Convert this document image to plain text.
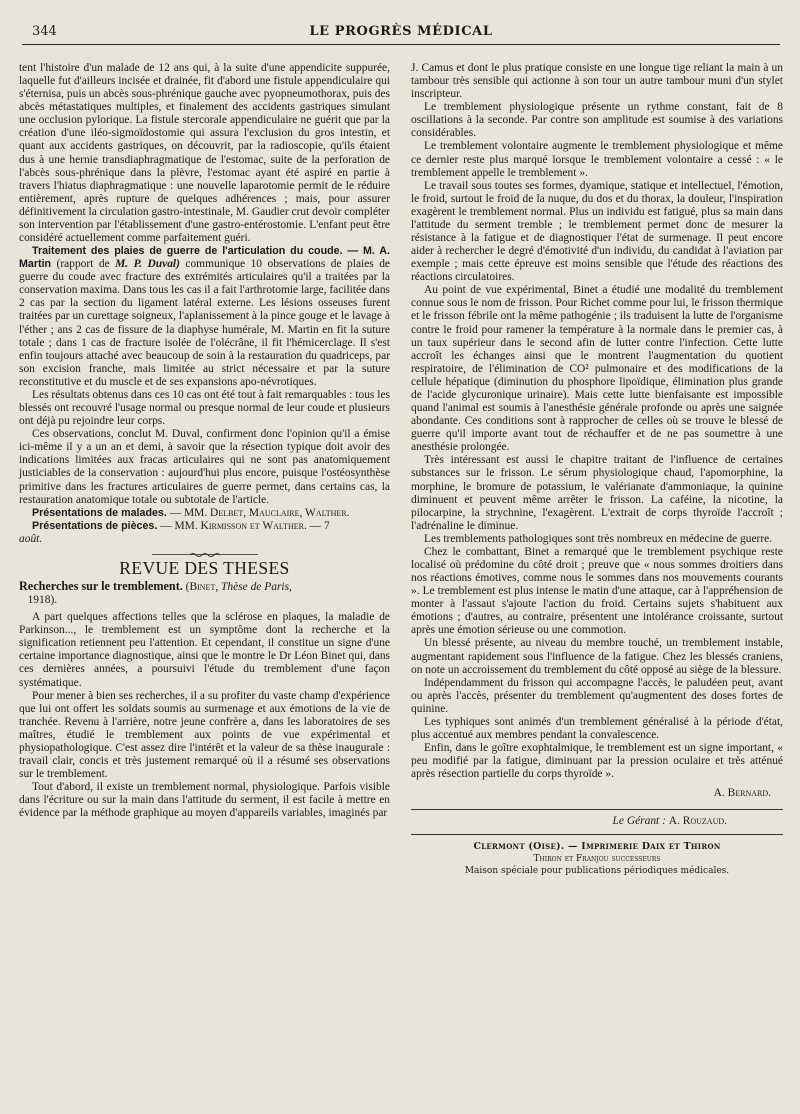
344	LE PROGRÈS MÉDICAL

tent l'histoire d'un malade de 12 ans qui, à la suite d'une appendicite suppurée, laquelle fut d'ailleurs incisée et drainée, fit d'abord une fistule appendiculaire qui s'éternisa, puis un abcès sous-phrénique gauche avec pyopneumothorax, puis des abcès métastatiques multiples, et finalement des accidents gastriques simulant une occlusion pylorique. La fistule stercorale appendiculaire ne guérit que par la création d'une iléo-sigmoïdostomie qui assura l'exclusion du gros intestin, et quant aux accidents gastriques, on découvrit, par la radioscopie, qu'ils étaient dus à une hernie transdiaphragmatique de l'estomac, suite de la perforation de l'abcès sous-phrénique dans la plèvre, l'estomac ayant été aspiré en partie à travers l'hiatus diaphragmatique : une nouvelle laparotomie permit de le réduire entièrement, après rupture de quelques adhérences ; mais, pour assurer définitivement la circulation gastro-intestinale, M. Gaudier crut devoir compléter son intervention par l'établissement d'une gastro-entérostomie. L'enfant peut être considéré actuellement comme parfaitement guéri.

Traitement des plaies de guerre de l'articulation du coude. — M. A. Martin (rapport de M. P. Duval) communique 10 observations de plaies de guerre du coude avec fracture des extrémités articulaires qu'il a traitées par la conservation maxima. Dans tous les cas il a fait l'arthrotomie large, facilitée dans 2 cas par la section du ligament latéral externe. Les lésions osseuses furent traitées par un curettage soigneux, l'aplanissement à la pince gouge et le lavage à l'éther ; ans 2 cas de fissure de la diaphyse humérale, M. Martin en fit la suture totale ; dans 1 cas de fracture isolée de l'olécrâne, il fit l'hémicerclage. Il s'est enfin toujours attaché avec beaucoup de soin à la restauration du quadriceps, par son excision franche, mais limitée au strict nécessaire et par la suture reconstitutive et du muscle et de ses expansions apo-névrotiques.

Les résultats obtenus dans ces 10 cas ont été tout à fait remarquables : tous les blessés ont recouvré l'usage normal ou presque normal de leur coude et plusieurs ont déjà pu rejoindre leur corps.

Ces observations, conclut M. Duval, confirment donc l'opinion qu'il a émise ici-même il y a un an et demi, à savoir que la résection typique doit avoir des indications limitées aux fracas articulaires qui ne sont pas anatomiquement justiciables de la conservation : aujourd'hui plus encore, puisque l'ostéosynthèse primitive dans les fractures articulaires de guerre permet, dans certains cas, la restauration anatomique totale ou subtotale de l'article.

Présentations de malades. — MM. Delbet, Mauclaire, Walther.

Présentations de pièces. — MM. Kirmisson et Walther. — 7
août.

REVUE DES THESES

Recherches sur le tremblement. (Binet, Thèse de Paris,
1918).

A part quelques affections telles que la sclérose en plaques, la maladie de Parkinson..., le tremblement est un symptôme dont la recherche et la signification retiennent peu l'attention. Et cependant, il constitue un signe d'une certaine importance diagnostique, ainsi que le montre le Dr Léon Binet qui, dans ces dernières années, a poursuivi l'étude du tremblement d'une façon systématique.

Pour mener à bien ses recherches, il a su profiter du vaste champ d'expérience que lui ont offert les soldats soumis au surmenage et aux émotions de la vie de tranchée. Revenu à l'arrière, notre jeune confrère a, dans les laboratoires de ses maîtres, étudié le tremblement aux points de vue expérimental et physiopathologique. C'est assez dire l'intérêt et la valeur de sa thèse inaugurale : travail clair, concis et très justement remarqué où il a résumé ses observations sur le tremblement.

Tout d'abord, il existe un tremblement normal, physiologique. Parfois visible dans l'écriture ou sur la main dans l'attitude du serment, il est facile à mettre en évidence par la méthode graphique au moyen d'appareils variables, imaginés par

J. Camus et dont le plus pratique consiste en une longue tige reliant la main à un tambour très sensible qui actionne à son tour un autre tambour muni d'un stylet inscripteur.

Le tremblement physiologique présente un rythme constant, fait de 8 oscillations à la seconde. Par contre son amplitude est soumise à des variations considérables.

Le tremblement volontaire augmente le tremblement physiologique et même ce dernier reste plus marqué lorsque le tremblement volontaire a cessé : « le tremblement appelle le tremblement ».

Le travail sous toutes ses formes, dyamique, statique et intellectuel, l'émotion, le froid, surtout le froid de la nuque, du dos et du thorax, la douleur, l'inspiration exagèrent le tremblement normal. Plus un individu est fatigué, plus sa main dans l'attitude du serment tremble ; le tremblement permet donc de mesurer la résistance à la fatigue et de diagnostiquer l'état de surmenage. Il peut encore aider à rechercher le degré d'émotivité d'un individu, du candidat à l'aviation par exemple ; mais cette épreuve est moins sensible que l'étude des réactions des réactions circulatoires.

Au point de vue expérimental, Binet a étudié une modalité du tremblement connue sous le nom de frisson. Pour Richet comme pour lui, le frisson thermique et le frisson fébrile ont la même pathogénie ; ils traduisent la lutte de l'organisme contre le froid pour ramener la température à la normale dans le premier cas, à un taux supérieur dans le second afin de lutter contre l'infection. Cette lutte accroît les échanges ainsi que le montrent l'augmentation du quotient respiratoire, de l'élimination de CO² pulmonaire et des modifications de la cellule hépatique (diminution du phosphore lipoïdique, élimination plus grande de l'acide glycuronique urinaire). Mais cette lutte bienfaisante est impossible quand l'animal est soumis à l'anesthésie générale profonde ou après une saignée abondante. Ces conditions sont à rapprocher de celles où se trouve le blessé de guerre qu'il importe avant tout de réchauffer et de ne pas soumettre à une anesthésie prolongée.

Très intéressant est aussi le chapitre traitant de l'influence de certaines substances sur le frisson. Le sérum physiologique chaud, l'apomorphine, la morphine, le bromure de potassium, le valérianate d'ammoniaque, la quinine diminuent et peuvent même arrêter le frisson. La caféine, la nicotine, la pilocarpine, la strychnine, l'exagèrent. L'extrait de corps thyroïde l'accroît ; l'adrénaline le diminue.

Les tremblements pathologiques sont très nombreux en médecine de guerre.

Chez le combattant, Binet a remarqué que le tremblement psychique reste localisé où prédomine du côté droit ; preuve que « nous sommes droitiers dans nos réactions émotives, comme nous le sommes dans nos mouvements courants ». Le tremblement est plus intense le matin d'une attaque, car à l'appréhension de monter à l'assaut s'ajoute l'action du froid. Certains sujets s'habituent aux émotions ; d'autres, au contraire, présentent une intolérance croissante, surtout après une émotion sérieuse ou une commotion.

Un blessé présente, au niveau du membre touché, un tremblement instable, augmentant rapidement sous l'influence de la fatigue. Chez les blessés craniens, on note un accroissement du tremblement du côté opposé au siège de la blessure.

Indépendamment du frisson qui accompagne l'accès, le paludéen peut, avant ou après l'accès, présenter du tremblement qu'augmentent des doses fortes de quinine.

Les typhiques sont animés d'un tremblement généralisé à la période d'état, plus accentué aux membres pendant la convalescence.

Enfin, dans le goître exophtalmique, le tremblement est un signe important, « peu modifié par la fatigue, diminuant par la pression oculaire et très atténué après résection partielle du corps thyroïde ».

A. Bernard.
Le Gérant : A. Rouzaud.
Clermont (Oise). — Imprimerie Daix et Thiron
Thiron et Franjou successeurs
Maison spéciale pour publications périodiques médicales.
